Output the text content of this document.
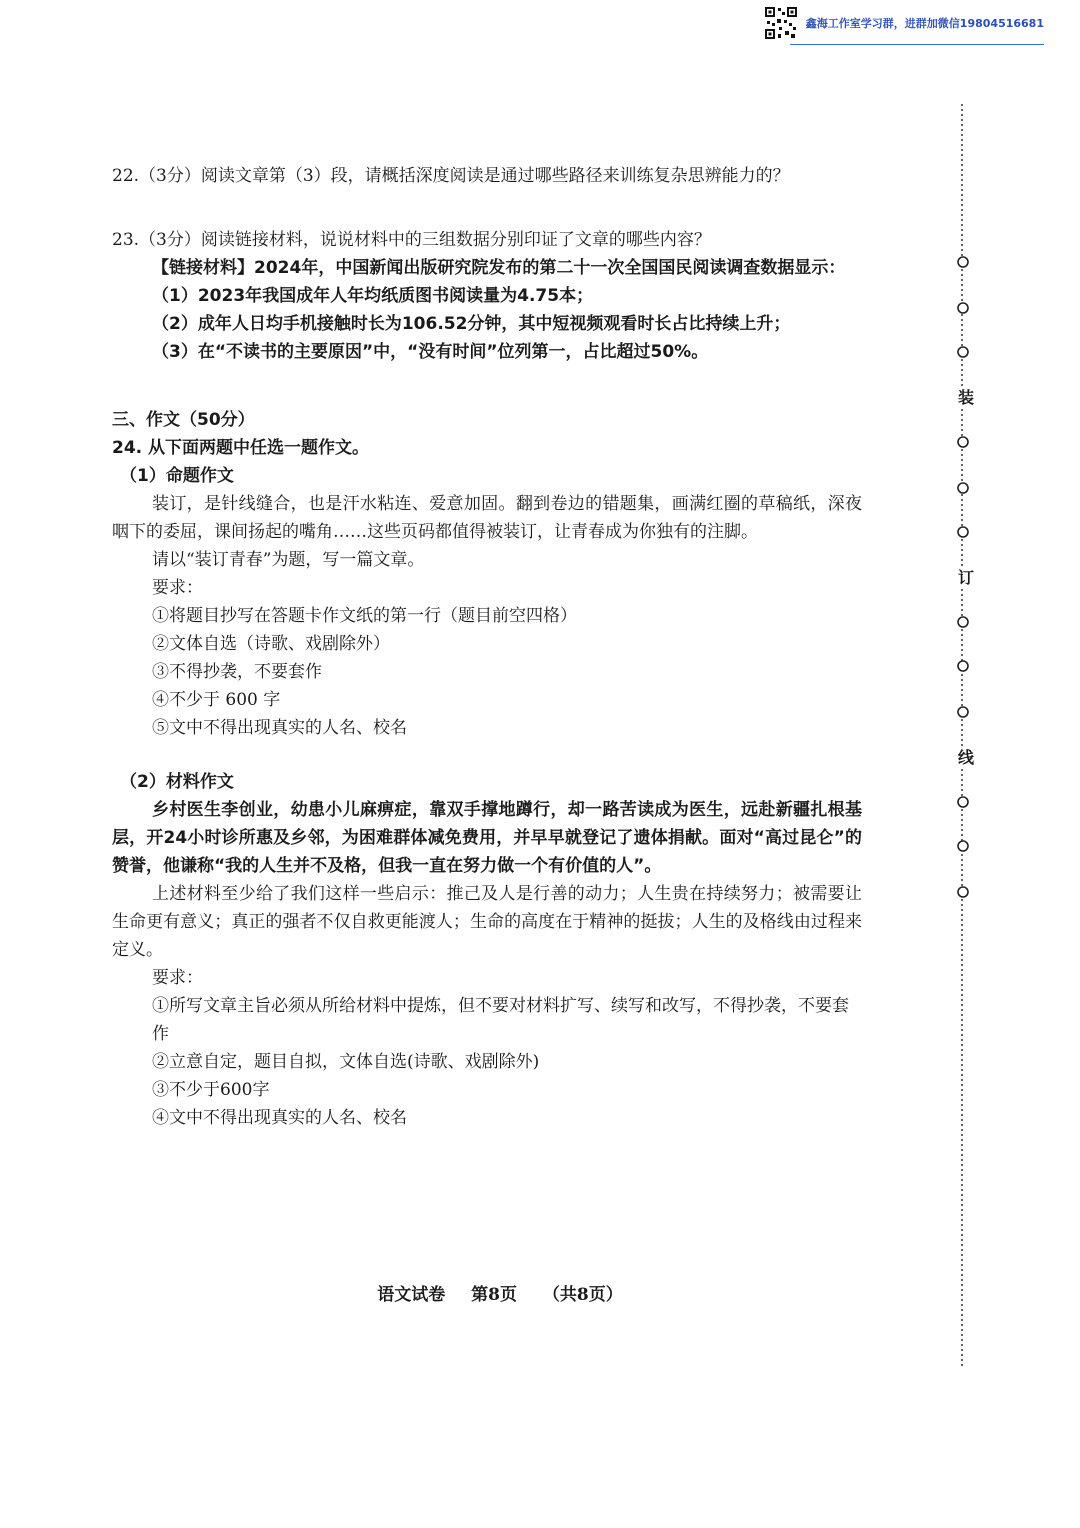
鑫海工作室学习群，进群加微信19804516681
装
订
线

22.（3分）阅读文章第（3）段，请概括深度阅读是通过哪些路径来训练复杂思辨能力的？

23.（3分）阅读链接材料，说说材料中的三组数据分别印证了文章的哪些内容？

【链接材料】2024年，中国新闻出版研究院发布的第二十一次全国国民阅读调查数据显示：

（1）2023年我国成年人年均纸质图书阅读量为4.75本；

（2）成年人日均手机接触时长为106.52分钟，其中短视频观看时长占比持续上升；

（3）在“不读书的主要原因”中，“没有时间”位列第一，占比超过50%。

三、作文（50分）

24. 从下面两题中任选一题作文。

（1）命题作文

装订，是针线缝合，也是汗水粘连、爱意加固。翻到卷边的错题集，画满红圈的草稿纸，深夜咽下的委屈，课间扬起的嘴角……这些页码都值得被装订，让青春成为你独有的注脚。

请以“装订青春”为题，写一篇文章。

要求：

①将题目抄写在答题卡作文纸的第一行（题目前空四格）

②文体自选（诗歌、戏剧除外）

③不得抄袭，不要套作

④不少于 600 字

⑤文中不得出现真实的人名、校名

（2）材料作文

乡村医生李创业，幼患小儿麻痹症，靠双手撑地蹲行，却一路苦读成为医生，远赴新疆扎根基层，开24小时诊所惠及乡邻，为困难群体减免费用，并早早就登记了遗体捐献。面对“高过昆仑”的赞誉，他谦称“我的人生并不及格，但我一直在努力做一个有价值的人”。

上述材料至少给了我们这样一些启示：推己及人是行善的动力；人生贵在持续努力；被需要让生命更有意义；真正的强者不仅自救更能渡人；生命的高度在于精神的挺拔；人生的及格线由过程来定义。

要求：

①所写文章主旨必须从所给材料中提炼，但不要对材料扩写、续写和改写，不得抄袭，不要套作

②立意自定，题目自拟，文体自选(诗歌、戏剧除外)

③不少于600字

④文中不得出现真实的人名、校名

语文试卷 第8页 （共8页）
